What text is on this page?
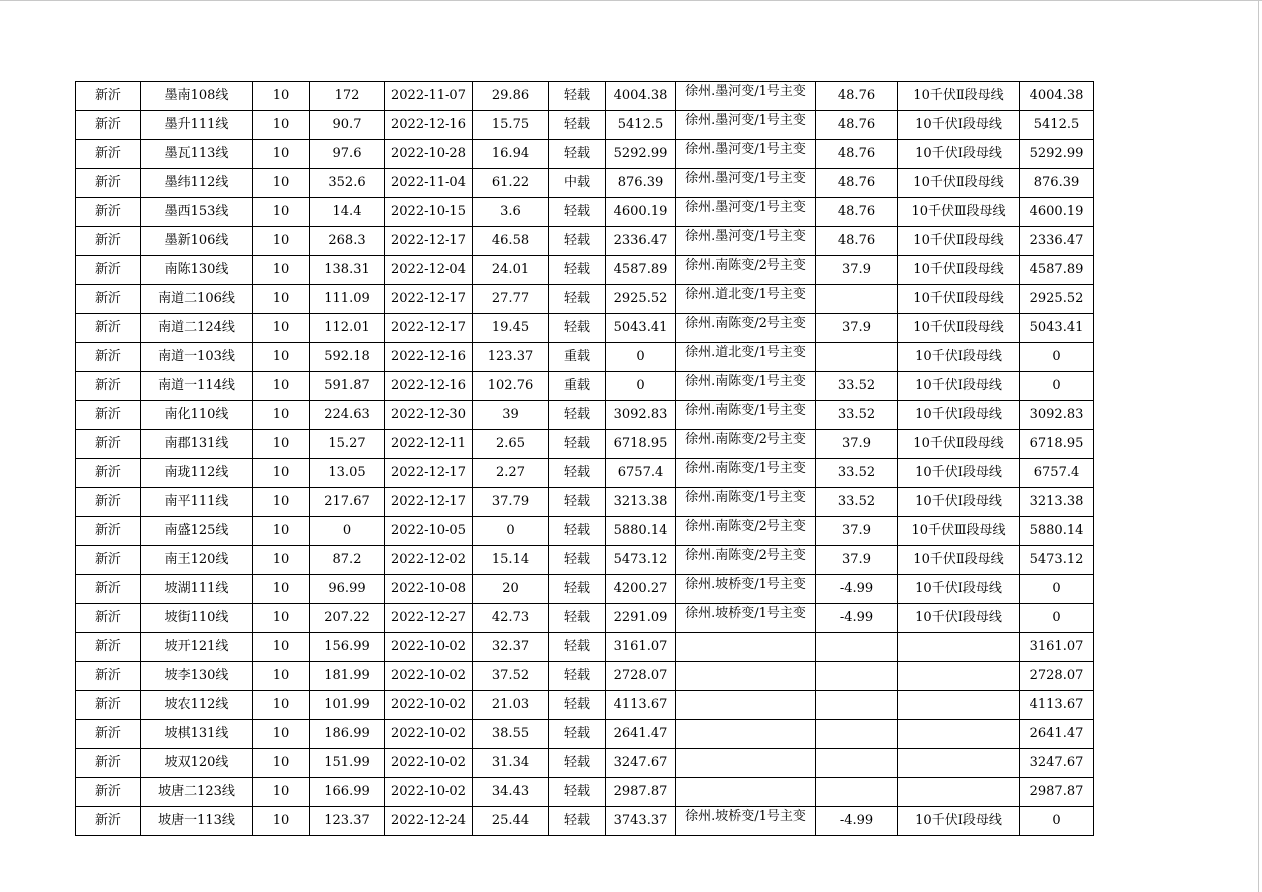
新沂	墨南108线	10	172	2022-11-07	29.86	轻载	4004.38	徐州.墨河变/1号主变	48.76	10千伏Ⅱ段母线	4004.38
新沂	墨升111线	10	90.7	2022-12-16	15.75	轻载	5412.5	徐州.墨河变/1号主变	48.76	10千伏Ⅰ段母线	5412.5
新沂	墨瓦113线	10	97.6	2022-10-28	16.94	轻载	5292.99	徐州.墨河变/1号主变	48.76	10千伏Ⅰ段母线	5292.99
新沂	墨纬112线	10	352.6	2022-11-04	61.22	中载	876.39	徐州.墨河变/1号主变	48.76	10千伏Ⅱ段母线	876.39
新沂	墨西153线	10	14.4	2022-10-15	3.6	轻载	4600.19	徐州.墨河变/1号主变	48.76	10千伏Ⅲ段母线	4600.19
新沂	墨新106线	10	268.3	2022-12-17	46.58	轻载	2336.47	徐州.墨河变/1号主变	48.76	10千伏Ⅱ段母线	2336.47
新沂	南陈130线	10	138.31	2022-12-04	24.01	轻载	4587.89	徐州.南陈变/2号主变	37.9	10千伏Ⅱ段母线	4587.89
新沂	南道二106线	10	111.09	2022-12-17	27.77	轻载	2925.52	徐州.道北变/1号主变		10千伏Ⅱ段母线	2925.52
新沂	南道二124线	10	112.01	2022-12-17	19.45	轻载	5043.41	徐州.南陈变/2号主变	37.9	10千伏Ⅱ段母线	5043.41
新沂	南道一103线	10	592.18	2022-12-16	123.37	重载	0	徐州.道北变/1号主变		10千伏Ⅰ段母线	0
新沂	南道一114线	10	591.87	2022-12-16	102.76	重载	0	徐州.南陈变/1号主变	33.52	10千伏Ⅰ段母线	0
新沂	南化110线	10	224.63	2022-12-30	39	轻载	3092.83	徐州.南陈变/1号主变	33.52	10千伏Ⅰ段母线	3092.83
新沂	南郡131线	10	15.27	2022-12-11	2.65	轻载	6718.95	徐州.南陈变/2号主变	37.9	10千伏Ⅱ段母线	6718.95
新沂	南珑112线	10	13.05	2022-12-17	2.27	轻载	6757.4	徐州.南陈变/1号主变	33.52	10千伏Ⅰ段母线	6757.4
新沂	南平111线	10	217.67	2022-12-17	37.79	轻载	3213.38	徐州.南陈变/1号主变	33.52	10千伏Ⅰ段母线	3213.38
新沂	南盛125线	10	0	2022-10-05	0	轻载	5880.14	徐州.南陈变/2号主变	37.9	10千伏Ⅲ段母线	5880.14
新沂	南王120线	10	87.2	2022-12-02	15.14	轻载	5473.12	徐州.南陈变/2号主变	37.9	10千伏Ⅱ段母线	5473.12
新沂	坡湖111线	10	96.99	2022-10-08	20	轻载	4200.27	徐州.坡桥变/1号主变	-4.99	10千伏Ⅰ段母线	0
新沂	坡街110线	10	207.22	2022-12-27	42.73	轻载	2291.09	徐州.坡桥变/1号主变	-4.99	10千伏Ⅰ段母线	0
新沂	坡开121线	10	156.99	2022-10-02	32.37	轻载	3161.07				3161.07
新沂	坡李130线	10	181.99	2022-10-02	37.52	轻载	2728.07				2728.07
新沂	坡农112线	10	101.99	2022-10-02	21.03	轻载	4113.67				4113.67
新沂	坡棋131线	10	186.99	2022-10-02	38.55	轻载	2641.47				2641.47
新沂	坡双120线	10	151.99	2022-10-02	31.34	轻载	3247.67				3247.67
新沂	坡唐二123线	10	166.99	2022-10-02	34.43	轻载	2987.87				2987.87
新沂	坡唐一113线	10	123.37	2022-12-24	25.44	轻载	3743.37	徐州.坡桥变/1号主变	-4.99	10千伏Ⅰ段母线	0
